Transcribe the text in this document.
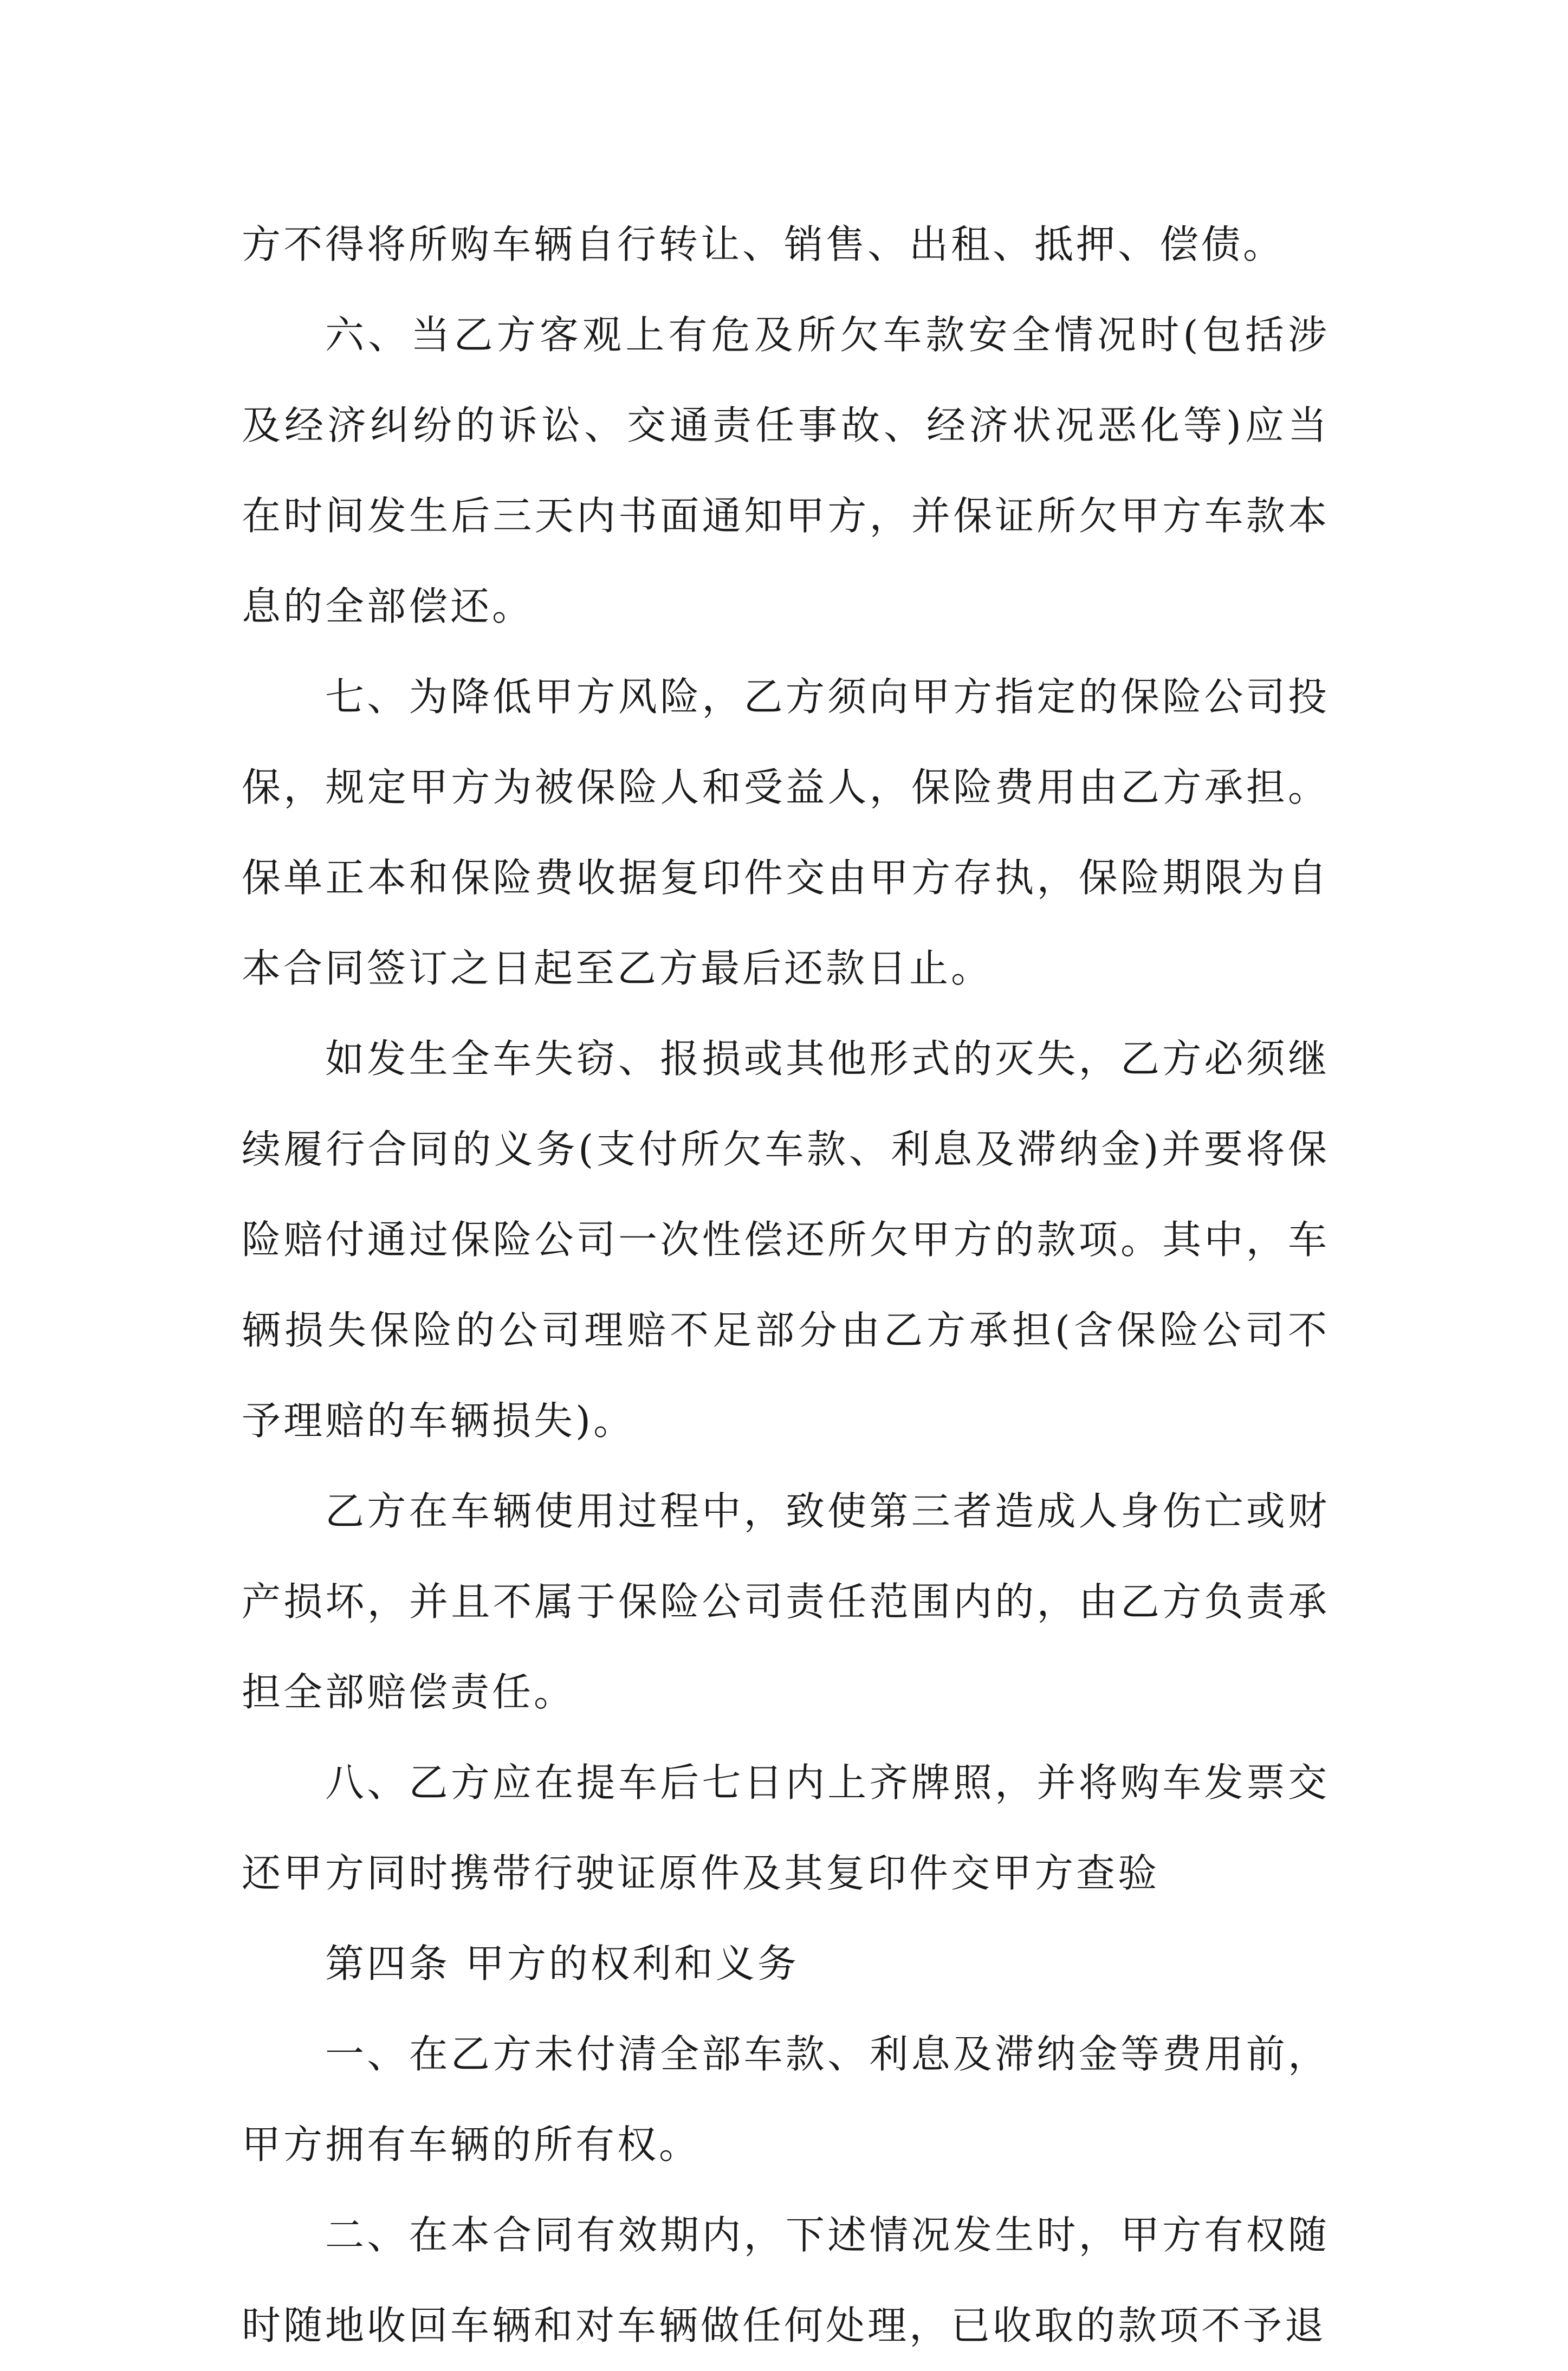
方不得将所购车辆自行转让、销售、出租、抵押、偿债。

六、当乙方客观上有危及所欠车款安全情况时(包括涉及经济纠纷的诉讼、交通责任事故、经济状况恶化等)应当在时间发生后三天内书面通知甲方，并保证所欠甲方车款本息的全部偿还。

七、为降低甲方风险，乙方须向甲方指定的保险公司投保，规定甲方为被保险人和受益人，保险费用由乙方承担。保单正本和保险费收据复印件交由甲方存执，保险期限为自本合同签订之日起至乙方最后还款日止。

如发生全车失窃、报损或其他形式的灭失，乙方必须继续履行合同的义务(支付所欠车款、利息及滞纳金)并要将保险赔付通过保险公司一次性偿还所欠甲方的款项。其中，车辆损失保险的公司理赔不足部分由乙方承担(含保险公司不予理赔的车辆损失)。

乙方在车辆使用过程中，致使第三者造成人身伤亡或财产损坏，并且不属于保险公司责任范围内的，由乙方负责承担全部赔偿责任。

八、乙方应在提车后七日内上齐牌照，并将购车发票交还甲方同时携带行驶证原件及其复印件交甲方查验

第四条 甲方的权利和义务

一、在乙方未付清全部车款、利息及滞纳金等费用前，甲方拥有车辆的所有权。

二、在本合同有效期内，下述情况发生时，甲方有权随时随地收回车辆和对车辆做任何处理，已收取的款项不予退
